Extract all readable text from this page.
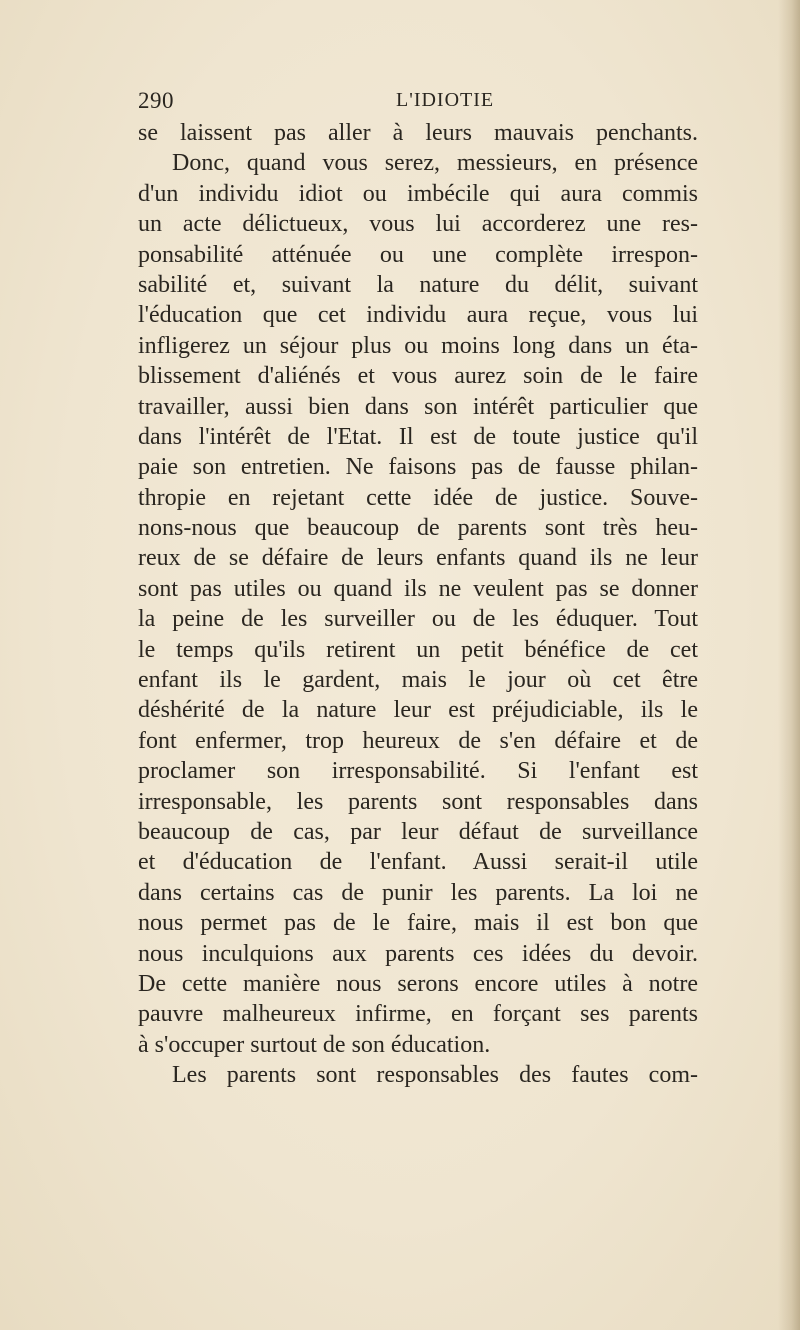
290	L'IDIOTIE
se laissent pas aller à leurs mauvais penchants.
Donc, quand vous serez, messieurs, en présence
d'un individu idiot ou imbécile qui aura commis
un acte délictueux, vous lui accorderez une res-
ponsabilité atténuée ou une complète irrespon-
sabilité et, suivant la nature du délit, suivant
l'éducation que cet individu aura reçue, vous lui
infligerez un séjour plus ou moins long dans un éta-
blissement d'aliénés et vous aurez soin de le faire
travailler, aussi bien dans son intérêt particulier que
dans l'intérêt de l'Etat. Il est de toute justice qu'il
paie son entretien. Ne faisons pas de fausse philan-
thropie en rejetant cette idée de justice. Souve-
nons-nous que beaucoup de parents sont très heu-
reux de se défaire de leurs enfants quand ils ne leur
sont pas utiles ou quand ils ne veulent pas se donner
la peine de les surveiller ou de les éduquer. Tout
le temps qu'ils retirent un petit bénéfice de cet
enfant ils le gardent, mais le jour où cet être
déshérité de la nature leur est préjudiciable, ils le
font enfermer, trop heureux de s'en défaire et de
proclamer son irresponsabilité. Si l'enfant est
irresponsable, les parents sont responsables dans
beaucoup de cas, par leur défaut de surveillance
et d'éducation de l'enfant. Aussi serait-il utile
dans certains cas de punir les parents. La loi ne
nous permet pas de le faire, mais il est bon que
nous inculquions aux parents ces idées du devoir.
De cette manière nous serons encore utiles à notre
pauvre malheureux infirme, en forçant ses parents
à s'occuper surtout de son éducation.
Les parents sont responsables des fautes com-
